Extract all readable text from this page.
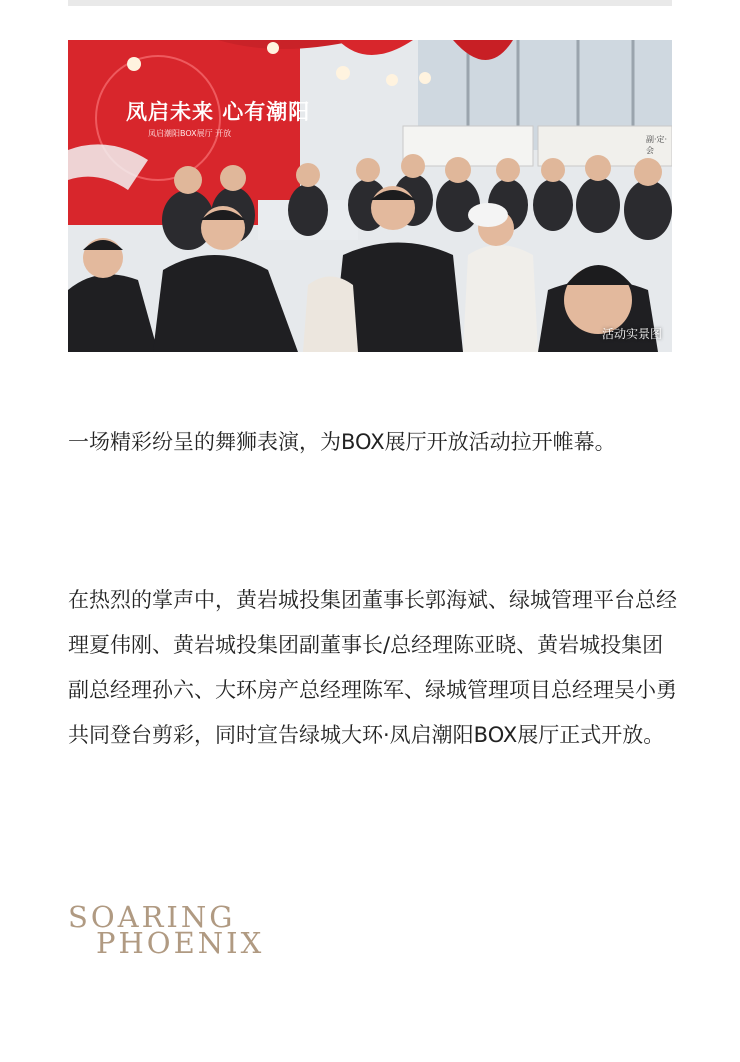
凤启未来 心有潮阳
凤启潮阳BOX展厅 开放
副·定·会
活动实景图

一场精彩纷呈的舞狮表演，为BOX展厅开放活动拉开帷幕。

在热烈的掌声中，黄岩城投集团董事长郭海斌、绿城管理平台总经理夏伟刚、黄岩城投集团副董事长/总经理陈亚晓、黄岩城投集团副总经理孙六、大环房产总经理陈军、绿城管理项目总经理吴小勇共同登台剪彩，同时宣告绿城大环·凤启潮阳BOX展厅正式开放。

SOARING
PHOENIX
